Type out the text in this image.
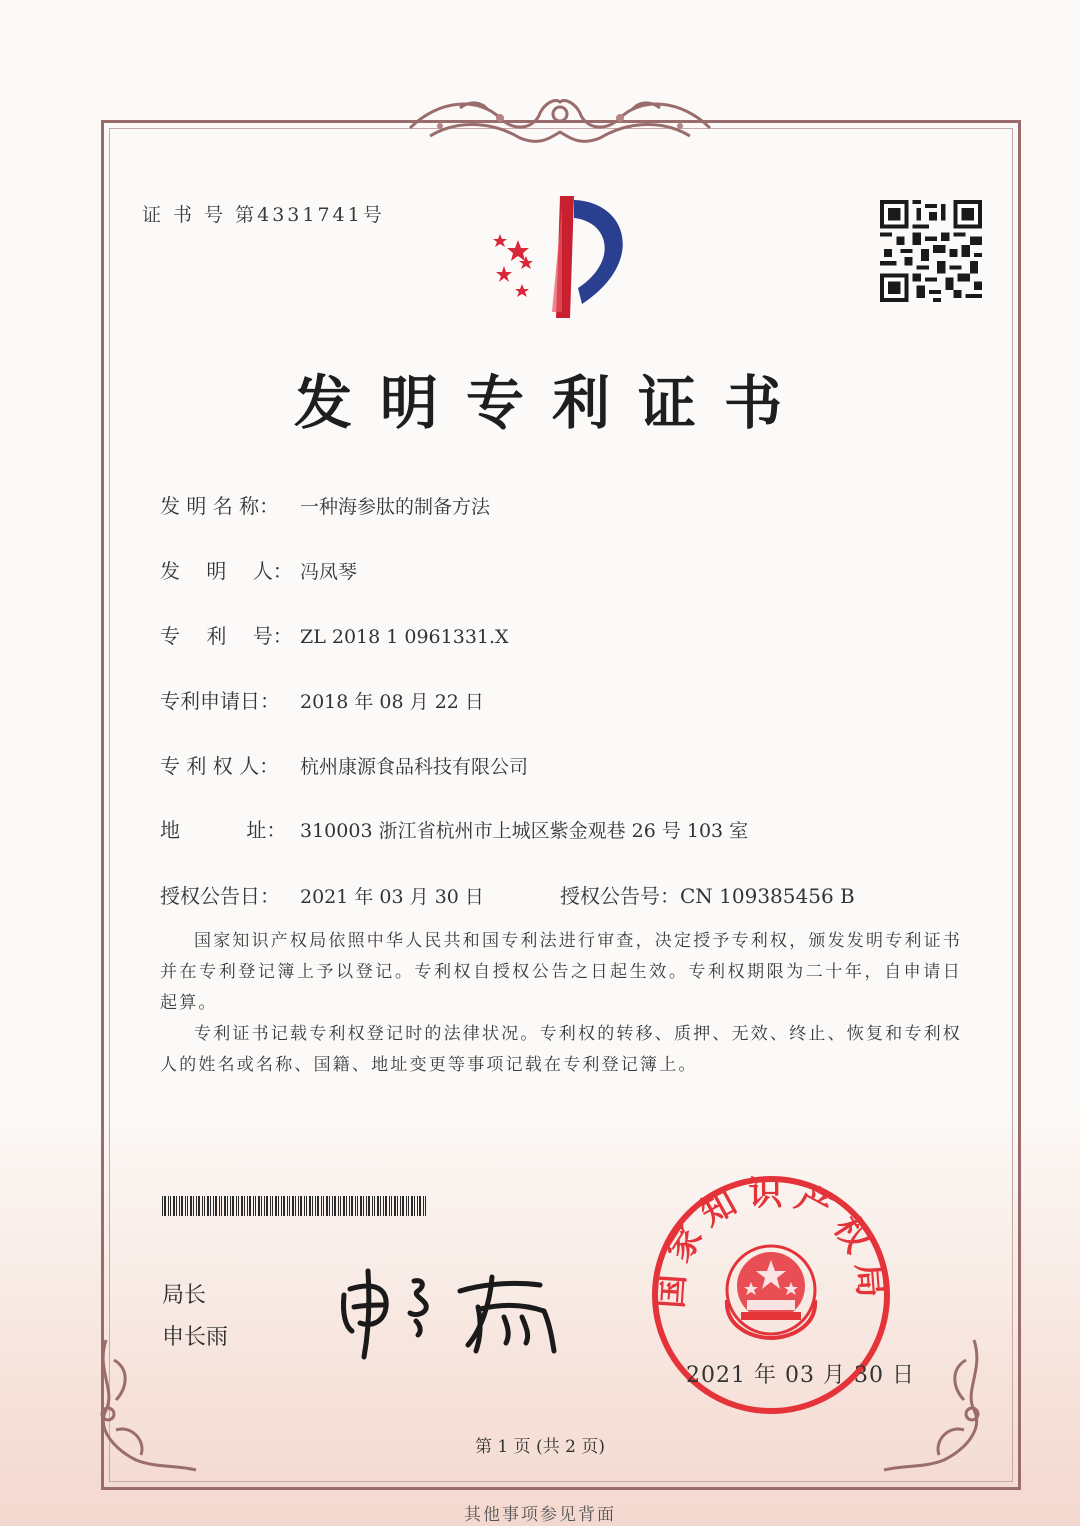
证 书 号 第4331741号
发明专利证书
发 明 名 称： 一种海参肽的制备方法
发　 明　 人： 冯凤琴
专　 利　 号： ZL 2018 1 0961331.X
专利申请日： 2018 年 08 月 22 日
专 利 权 人： 杭州康源食品科技有限公司
地　　　 址： 310003 浙江省杭州市上城区紫金观巷 26 号 103 室
授权公告日： 2021 年 03 月 30 日	授权公告号：CN 109385456 B
国家知识产权局依照中华人民共和国专利法进行审查，决定授予专利权，颁发发明专利证书并在专利登记簿上予以登记。专利权自授权公告之日起生效。专利权期限为二十年，自申请日起算。
专利证书记载专利权登记时的法律状况。专利权的转移、质押、无效、终止、恢复和专利权人的姓名或名称、国籍、地址变更等事项记载在专利登记簿上。
局长
申长雨
国家知识产权局
2021 年 03 月 30 日
第 1 页 (共 2 页)
其他事项参见背面
